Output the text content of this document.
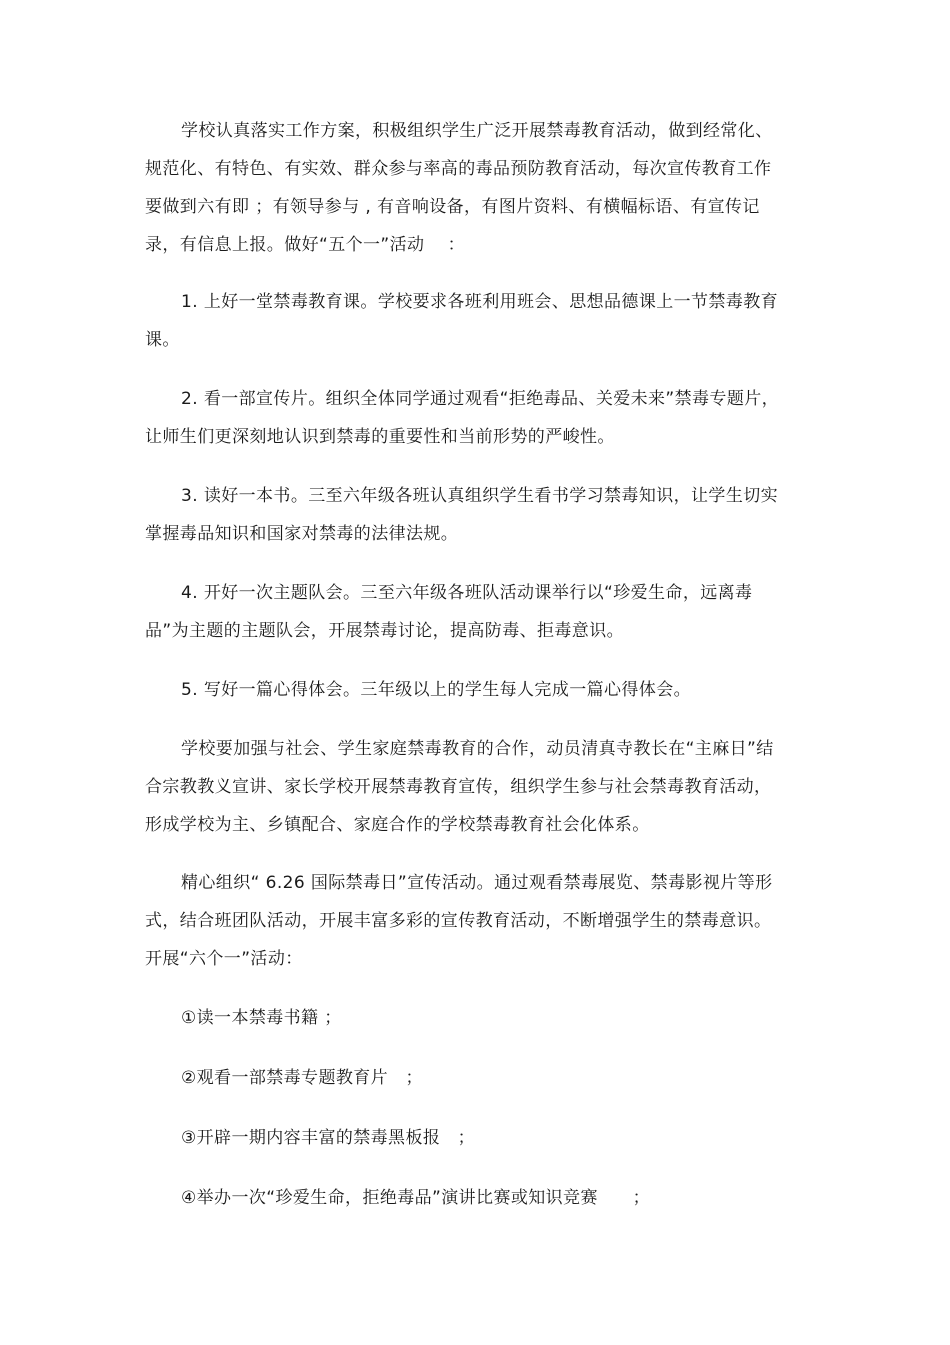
学校认真落实工作方案，积极组织学生广泛开展禁毒教育活动，做到经常化、规范化、有特色、有实效、群众参与率高的毒品预防教育活动，每次宣传教育工作要做到六有即 ；有领导参与 , 有音响设备，有图片资料、有横幅标语、有宣传记录，有信息上报。做好“五个一”活动　 ：

1. 上好一堂禁毒教育课。学校要求各班利用班会、思想品德课上一节禁毒教育课。

2. 看一部宣传片。组织全体同学通过观看“拒绝毒品、关爱未来”禁毒专题片，让师生们更深刻地认识到禁毒的重要性和当前形势的严峻性。

3. 读好一本书。三至六年级各班认真组织学生看书学习禁毒知识，让学生切实掌握毒品知识和国家对禁毒的法律法规。

4. 开好一次主题队会。三至六年级各班队活动课举行以“珍爱生命，远离毒品”为主题的主题队会，开展禁毒讨论，提高防毒、拒毒意识。

5. 写好一篇心得体会。三年级以上的学生每人完成一篇心得体会。

学校要加强与社会、学生家庭禁毒教育的合作，动员清真寺教长在“主麻日”结合宗教教义宣讲、家长学校开展禁毒教育宣传，组织学生参与社会禁毒教育活动，形成学校为主、乡镇配合、家庭合作的学校禁毒教育社会化体系。

精心组织“ 6.26 国际禁毒日”宣传活动。通过观看禁毒展览、禁毒影视片等形式，结合班团队活动，开展丰富多彩的宣传教育活动，不断增强学生的禁毒意识。开展“六个一”活动：

①读一本禁毒书籍 ；

②观看一部禁毒专题教育片　；

③开辟一期内容丰富的禁毒黑板报　；

④举办一次“珍爱生命，拒绝毒品”演讲比赛或知识竞赛　　；
